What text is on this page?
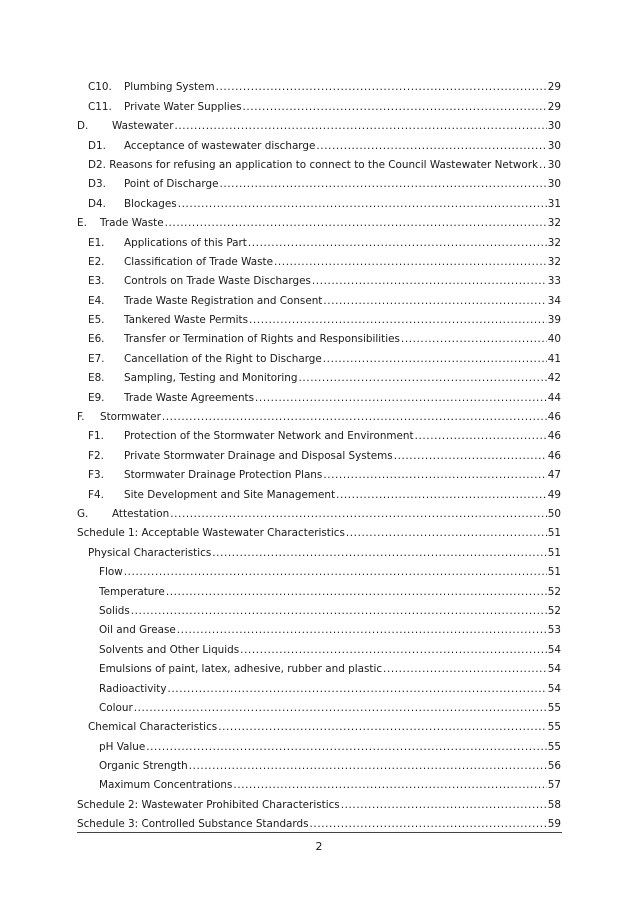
C10.	Plumbing System .....	29
C11.	Private Water Supplies .....	29
D.	Wastewater .....	30
D1.	Acceptance of wastewater discharge .....	30
D2. Reasons for refusing an application to connect to the Council Wastewater Network ..... 30
D3.	Point of Discharge .....	30
D4.	Blockages .....	31
E.	Trade Waste .....	32
E1.	Applications of this Part .....	32
E2.	Classification of Trade Waste .....	32
E3.	Controls on Trade Waste Discharges .....	33
E4.	Trade Waste Registration and Consent .....	34
E5.	Tankered Waste Permits .....	39
E6.	Transfer or Termination of Rights and Responsibilities .....	40
E7.	Cancellation of the Right to Discharge .....	41
E8.	Sampling, Testing and Monitoring .....	42
E9.	Trade Waste Agreements .....	44
F.	Stormwater .....	46
F1.	Protection of the Stormwater Network and Environment .....	46
F2.	Private Stormwater Drainage and Disposal Systems .....	46
F3.	Stormwater Drainage Protection Plans .....	47
F4.	Site Development and Site Management .....	49
G.	Attestation .....	50
Schedule 1: Acceptable Wastewater Characteristics .....	51
Physical Characteristics .....	51
Flow .....	51
Temperature .....	52
Solids .....	52
Oil and Grease .....	53
Solvents and Other Liquids .....	54
Emulsions of paint, latex, adhesive, rubber and plastic .....	54
Radioactivity .....	54
Colour .....	55
Chemical Characteristics .....	55
pH Value .....	55
Organic Strength .....	56
Maximum Concentrations .....	57
Schedule 2: Wastewater Prohibited Characteristics .....	58
Schedule 3: Controlled Substance Standards .....	59
2
